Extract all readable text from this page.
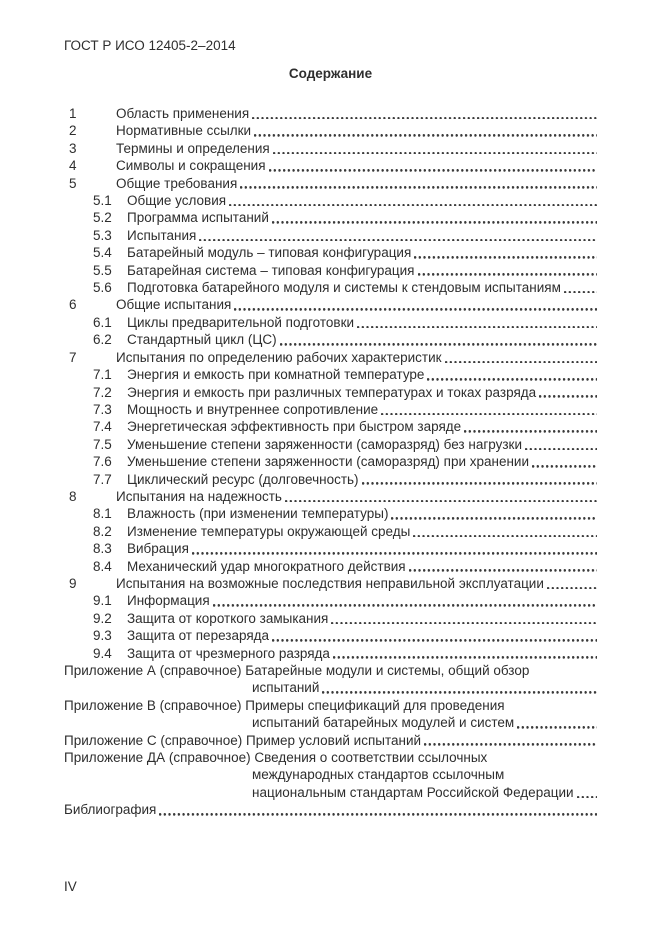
ГОСТ Р ИСО 12405-2–2014
Содержание
1	Область применения
2	Нормативные ссылки
3	Термины и определения
4	Символы и сокращения
5	Общие требования
5.1	Общие условия
5.2	Программа испытаний
5.3	Испытания
5.4	Батарейный модуль – типовая конфигурация
5.5	Батарейная система – типовая конфигурация
5.6	Подготовка батарейного модуля и системы к стендовым испытаниям
6	Общие испытания
6.1	Циклы предварительной подготовки
6.2	Стандартный цикл (ЦС)
7	Испытания по определению рабочих характеристик
7.1	Энергия и емкость при комнатной температуре
7.2	Энергия и емкость при различных температурах и токах разряда
7.3	Мощность и внутреннее сопротивление
7.4	Энергетическая эффективность при быстром заряде
7.5	Уменьшение степени заряженности (саморазряд) без нагрузки
7.6	Уменьшение степени заряженности (саморазряд) при хранении
7.7	Циклический ресурс (долговечность)
8	Испытания на надежность
8.1	Влажность (при изменении температуры)
8.2	Изменение температуры окружающей среды
8.3	Вибрация
8.4	Механический удар многократного действия
9	Испытания на возможные последствия неправильной эксплуатации
9.1	Информация
9.2	Защита от короткого замыкания
9.3	Защита от перезаряда
9.4	Защита от чрезмерного разряда
Приложение А (справочное) Батарейные модули и системы, общий обзор
испытаний
Приложение В (справочное) Примеры спецификаций для проведения
испытаний батарейных модулей и систем
Приложение С (справочное) Пример условий испытаний
Приложение ДА (справочное) Сведения о соответствии ссылочных
международных стандартов ссылочным
национальным стандартам Российской Федерации
Библиография
IV
